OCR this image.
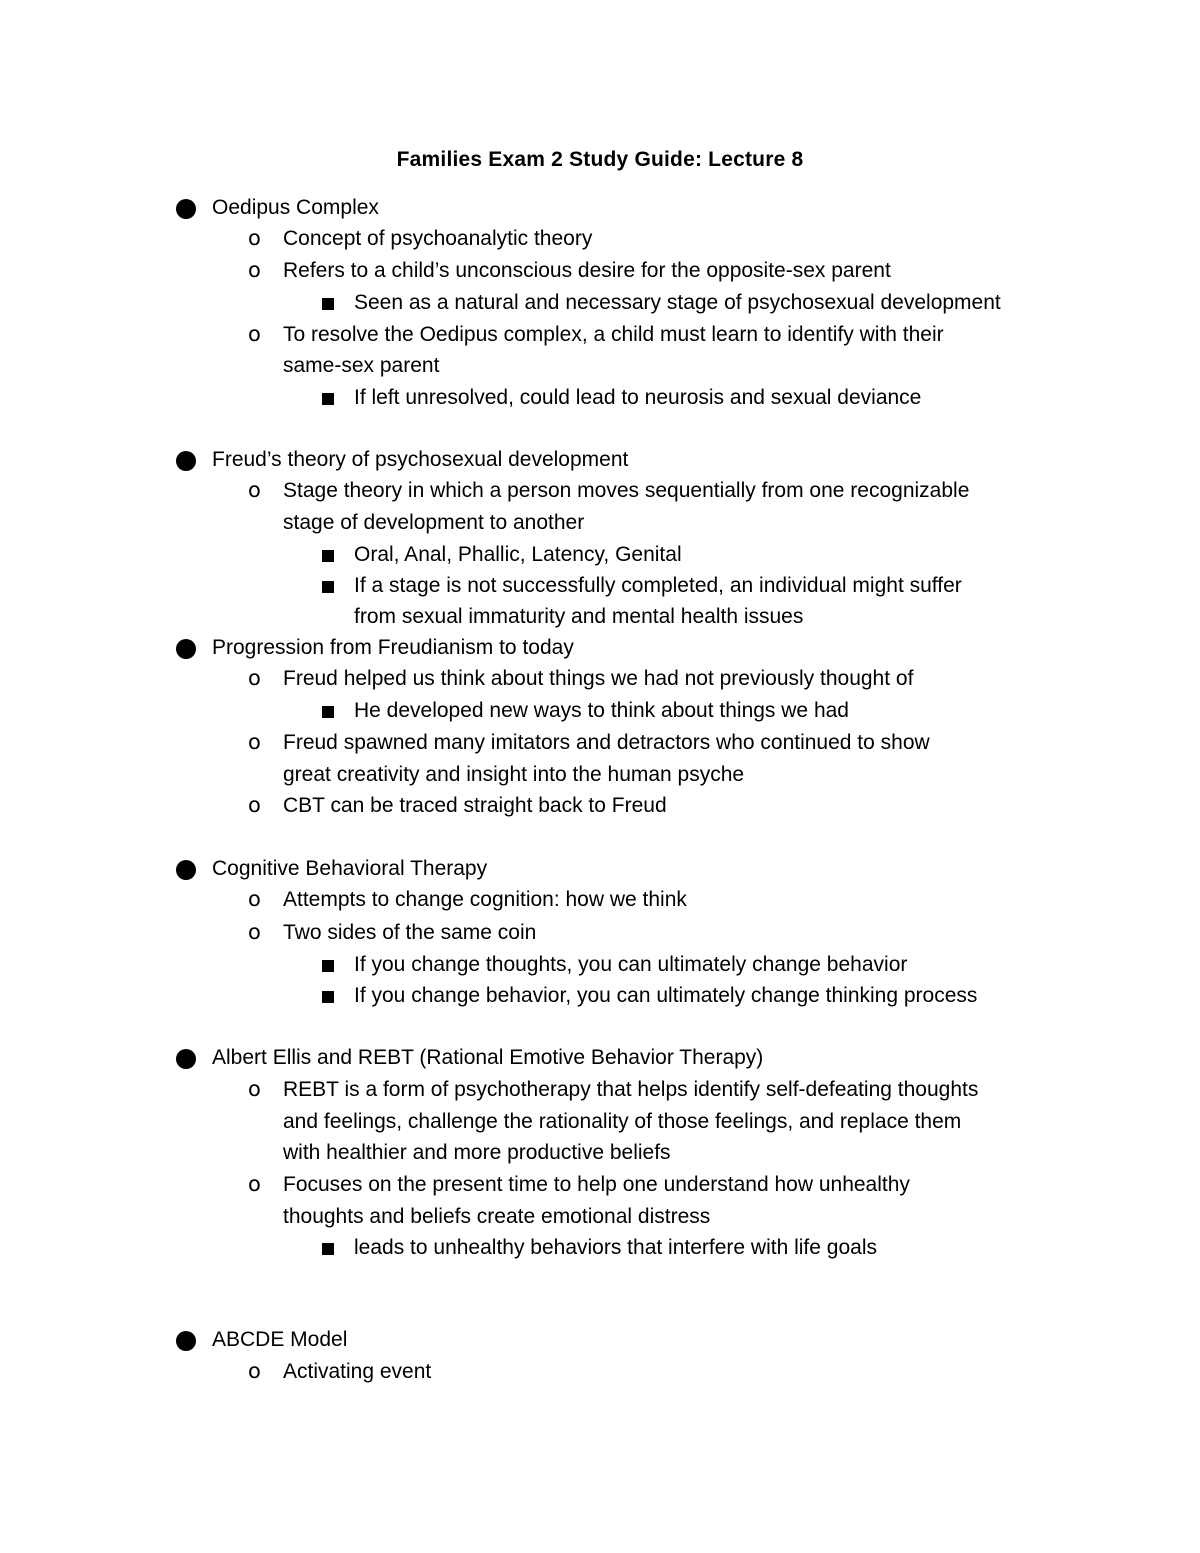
Families Exam 2 Study Guide: Lecture 8
Oedipus Complex
o Concept of psychoanalytic theory
o Refers to a child’s unconscious desire for the opposite-sex parent
Seen as a natural and necessary stage of psychosexual development
o To resolve the Oedipus complex, a child must learn to identify with their
same-sex parent
If left unresolved, could lead to neurosis and sexual deviance
Freud’s theory of psychosexual development
o Stage theory in which a person moves sequentially from one recognizable
stage of development to another
Oral, Anal, Phallic, Latency, Genital
If a stage is not successfully completed, an individual might suffer
from sexual immaturity and mental health issues
Progression from Freudianism to today
o Freud helped us think about things we had not previously thought of
He developed new ways to think about things we had
o Freud spawned many imitators and detractors who continued to show
great creativity and insight into the human psyche
o CBT can be traced straight back to Freud
Cognitive Behavioral Therapy
o Attempts to change cognition: how we think
o Two sides of the same coin
If you change thoughts, you can ultimately change behavior
If you change behavior, you can ultimately change thinking process
Albert Ellis and REBT (Rational Emotive Behavior Therapy)
o REBT is a form of psychotherapy that helps identify self-defeating thoughts
and feelings, challenge the rationality of those feelings, and replace them
with healthier and more productive beliefs
o Focuses on the present time to help one understand how unhealthy
thoughts and beliefs create emotional distress
leads to unhealthy behaviors that interfere with life goals
ABCDE Model
o Activating event
